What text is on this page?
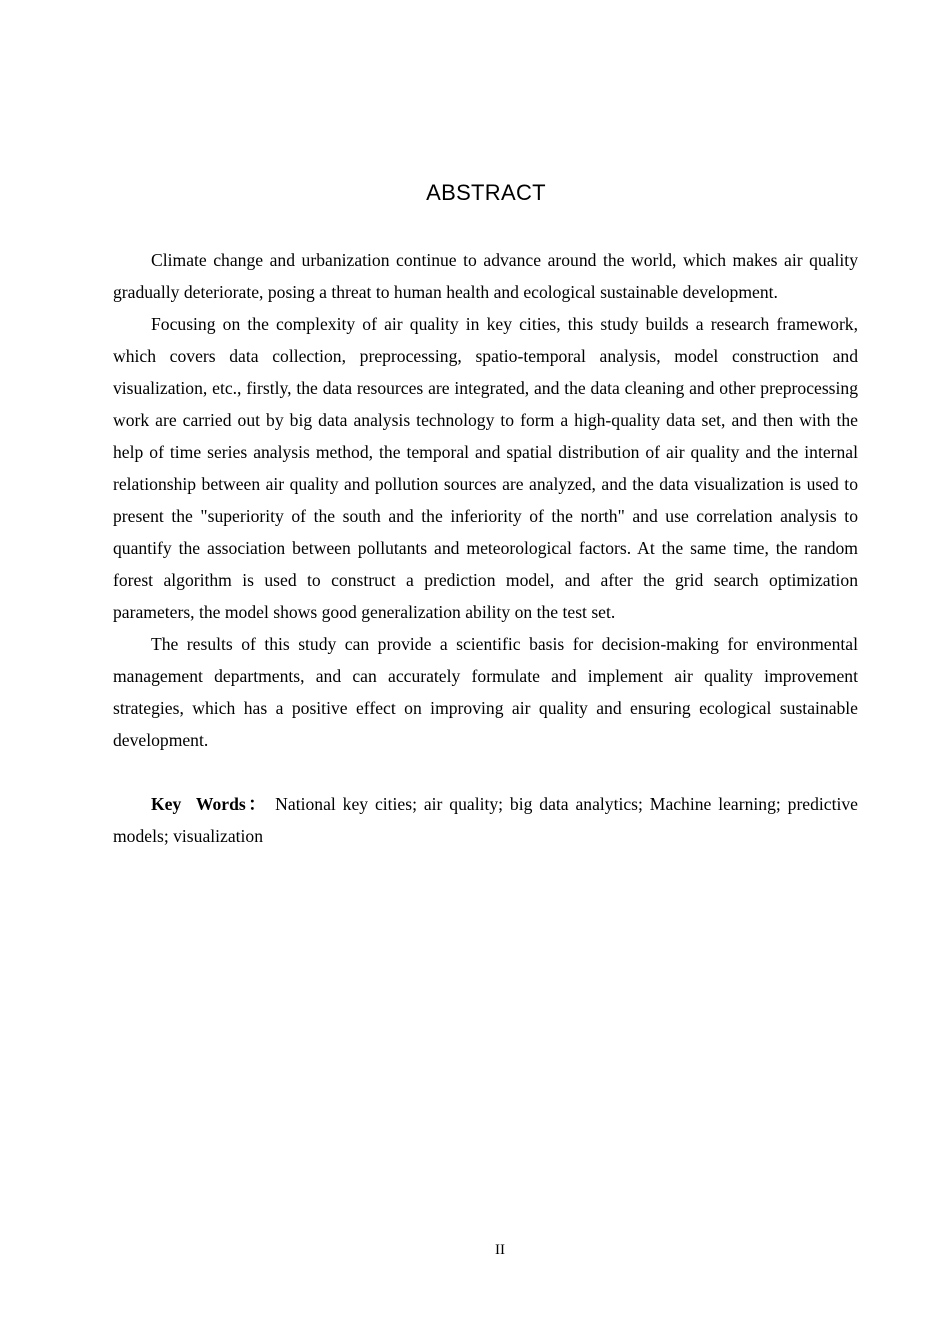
ABSTRACT

Climate change and urbanization continue to advance around the world, which makes air quality gradually deteriorate, posing a threat to human health and ecological sustainable development.

Focusing on the complexity of air quality in key cities, this study builds a research framework, which covers data collection, preprocessing, spatio-temporal analysis, model construction and visualization, etc., firstly, the data resources are integrated, and the data cleaning and other preprocessing work are carried out by big data analysis technology to form a high-quality data set, and then with the help of time series analysis method, the temporal and spatial distribution of air quality and the internal relationship between air quality and pollution sources are analyzed, and the data visualization is used to present the "superiority of the south and the inferiority of the north" and use correlation analysis to quantify the association between pollutants and meteorological factors. At the same time, the random forest algorithm is used to construct a prediction model, and after the grid search optimization parameters, the model shows good generalization ability on the test set.

The results of this study can provide a scientific basis for decision-making for environmental management departments, and can accurately formulate and implement air quality improvement strategies, which has a positive effect on improving air quality and ensuring ecological sustainable development.

Key Words： National key cities; air quality; big data analytics; Machine learning; predictive models; visualization

II
